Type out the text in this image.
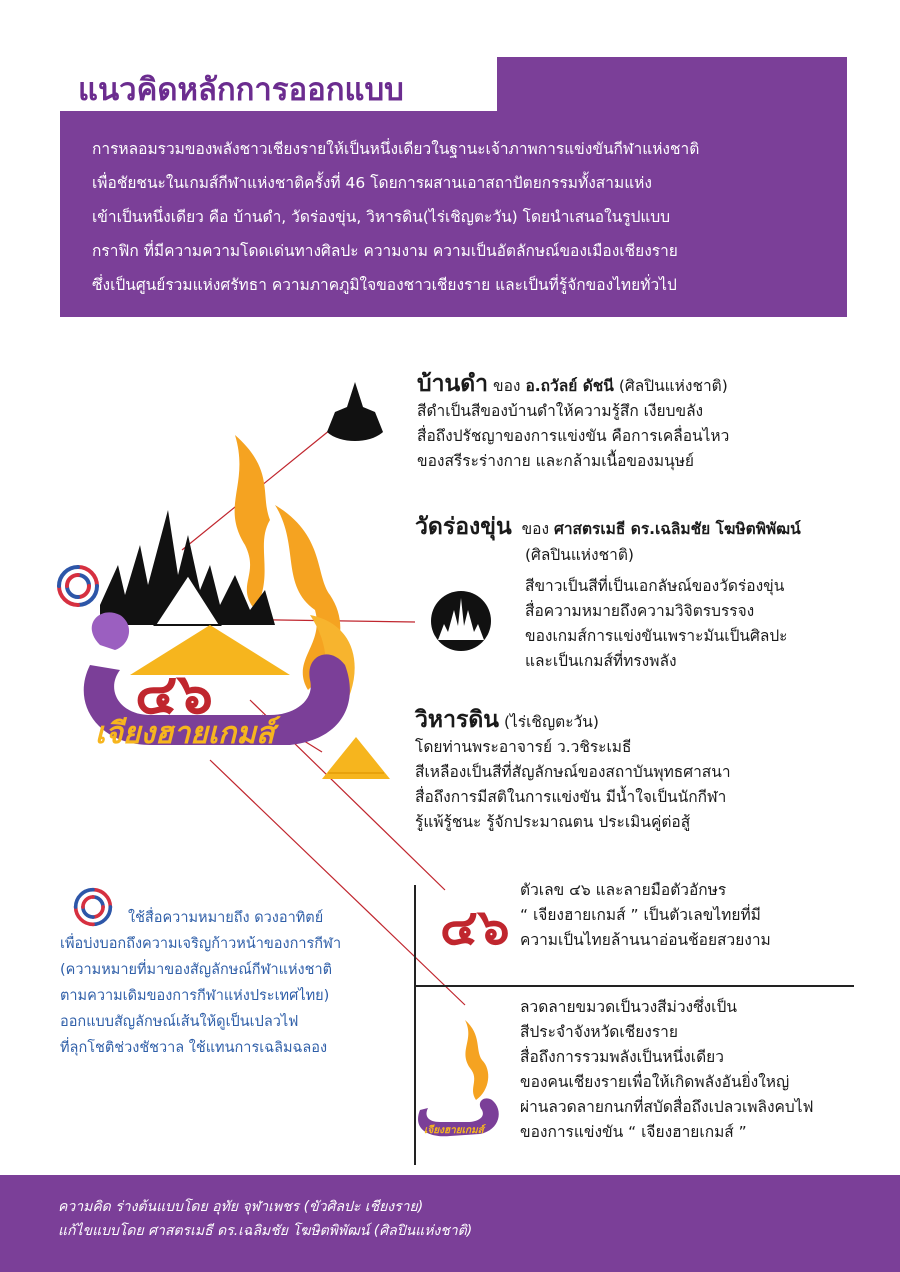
แนวคิดหลักการออกแบบ
การหลอมรวมของพลังชาวเชียงรายให้เป็นหนึ่งเดียวในฐานะเจ้าภาพการแข่งขันกีฬาแห่งชาติ
เพื่อชัยชนะในเกมส์กีฬาแห่งชาติครั้งที่ 46 โดยการผสานเอาสถาปัตยกรรมทั้งสามแห่ง
เข้าเป็นหนึ่งเดียว คือ บ้านดำ, วัดร่องขุ่น, วิหารดิน(ไร่เชิญตะวัน) โดยนำเสนอในรูปแบบ
กราฟิก ที่มีความความโดดเด่นทางศิลปะ ความงาม ความเป็นอัตลักษณ์ของเมืองเชียงราย
ซึ่งเป็นศูนย์รวมแห่งศรัทธา ความภาคภูมิใจของชาวเชียงราย และเป็นที่รู้จักของไทยทั่วไป
๔๖
เจียงฮายเกมส์
บ้านดำ ของ อ.ถวัลย์ ดัชนี (ศิลปินแห่งชาติ)
สีดำเป็นสีของบ้านดำให้ความรู้สึก เงียบขลัง
สื่อถึงปรัชญาของการแข่งขัน คือการเคลื่อนไหว
ของสรีระร่างกาย และกล้ามเนื้อของมนุษย์
วัดร่องขุ่น ของ ศาสตรเมธี ดร.เฉลิมชัย โฆษิตพิพัฒน์
(ศิลปินแห่งชาติ)
สีขาวเป็นสีที่เป็นเอกลัษณ์ของวัดร่องขุ่น
สื่อความหมายถึงความวิจิตรบรรจง
ของเกมส์การแข่งขันเพราะมันเป็นศิลปะ
และเป็นเกมส์ที่ทรงพลัง
วิหารดิน (ไร่เชิญตะวัน)
โดยท่านพระอาจารย์ ว.วชิระเมธี
สีเหลืองเป็นสีที่สัญลักษณ์ของสถาบันพุทธศาสนา
สื่อถึงการมีสติในการแข่งขัน มีน้ำใจเป็นนักกีฬา
รู้แพ้รู้ชนะ รู้จักประมาณตน ประเมินคู่ต่อสู้
๔๖
ตัวเลข ๔๖ และลายมือตัวอักษร
“ เจียงฮายเกมส์ ” เป็นตัวเลขไทยที่มี
ความเป็นไทยล้านนาอ่อนช้อยสวยงาม
เจียงฮายเกมส์
ลวดลายขมวดเป็นวงสีม่วงซึ่งเป็น
สีประจำจังหวัดเชียงราย
สื่อถึงการรวมพลังเป็นหนึ่งเดียว
ของคนเชียงรายเพื่อให้เกิดพลังอันยิ่งใหญ่
ผ่านลวดลายกนกที่สบัดสื่อถึงเปลวเพลิงคบไฟ
ของการแข่งขัน “ เจียงฮายเกมส์ ”
ใช้สื่อความหมายถึง ดวงอาทิตย์
เพื่อบ่งบอกถึงความเจริญก้าวหน้าของการกีฬา
(ความหมายที่มาของสัญลักษณ์กีฬาแห่งชาติ
ตามความเดิมของการกีฬาแห่งประเทศไทย)
ออกแบบสัญลักษณ์เส้นให้ดูเป็นเปลวไฟ
ที่ลุกโชติช่วงชัชวาล ใช้แทนการเฉลิมฉลอง
ความคิด ร่างต้นแบบโดย อุทัย จุฬาเพชร (ขัวศิลปะ เชียงราย)
แก้ไขแบบโดย ศาสตรเมธี ดร.เฉลิมชัย โฆษิตพิพัฒน์ (ศิลปินแห่งชาติ)
